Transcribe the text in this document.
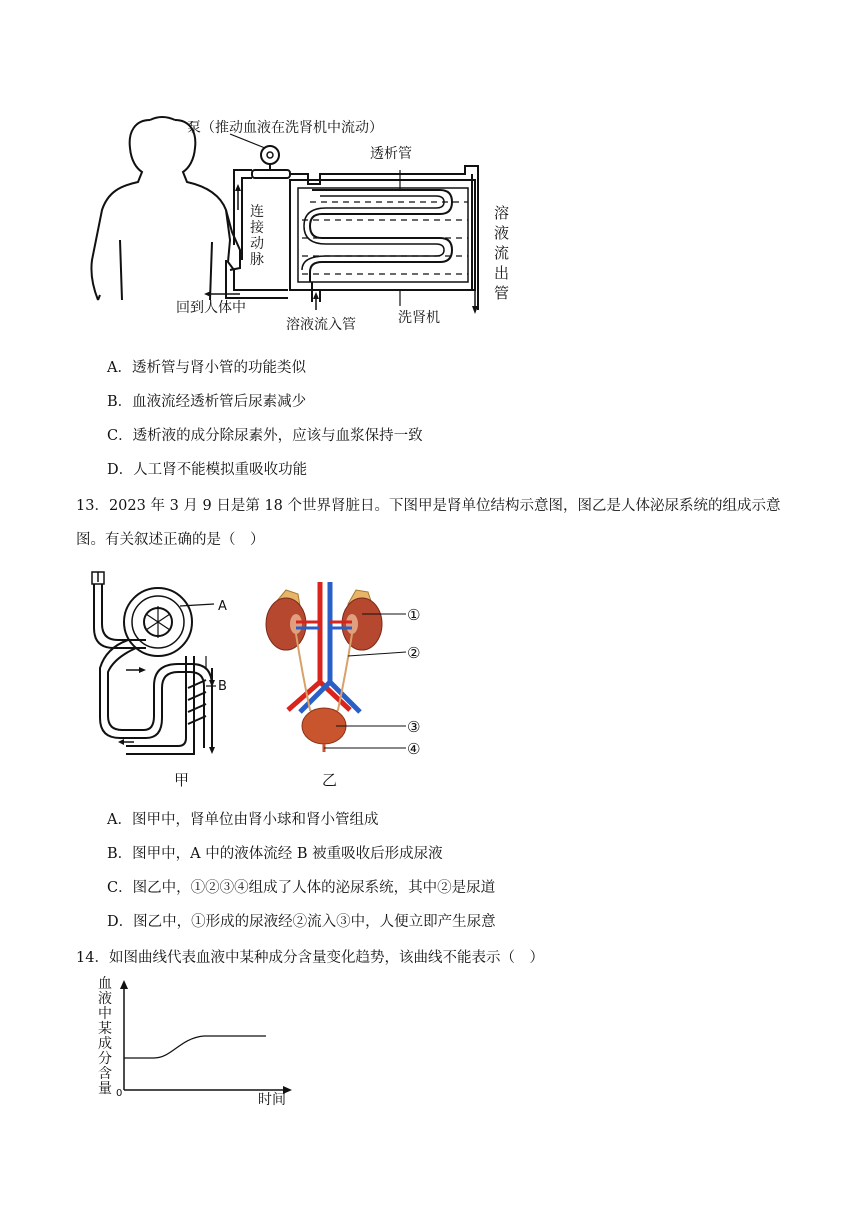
泵（推动血液在洗肾机中流动）
透析管
连
接
动
脉
溶
液
流
出
管
回到人体中
溶液流入管	洗肾机
A．透析管与肾小管的功能类似
B．血液流经透析管后尿素减少
C．透析液的成分除尿素外，应该与血浆保持一致
D．人工肾不能模拟重吸收功能
13．2023 年 3 月 9 日是第 18 个世界肾脏日。下图甲是肾单位结构示意图，图乙是人体泌尿系统的组成示意
图。有关叙述正确的是（　）
A
B
甲
①
②
③
④
乙
A．图甲中，肾单位由肾小球和肾小管组成
B．图甲中，A 中的液体流经 B 被重吸收后形成尿液
C．图乙中，①②③④组成了人体的泌尿系统，其中②是尿道
D．图乙中，①形成的尿液经②流入③中，人便立即产生尿意
14．如图曲线代表血液中某种成分含量变化趋势，该曲线不能表示（　）
血
液
中
某
成
分
含
量 0	时间
